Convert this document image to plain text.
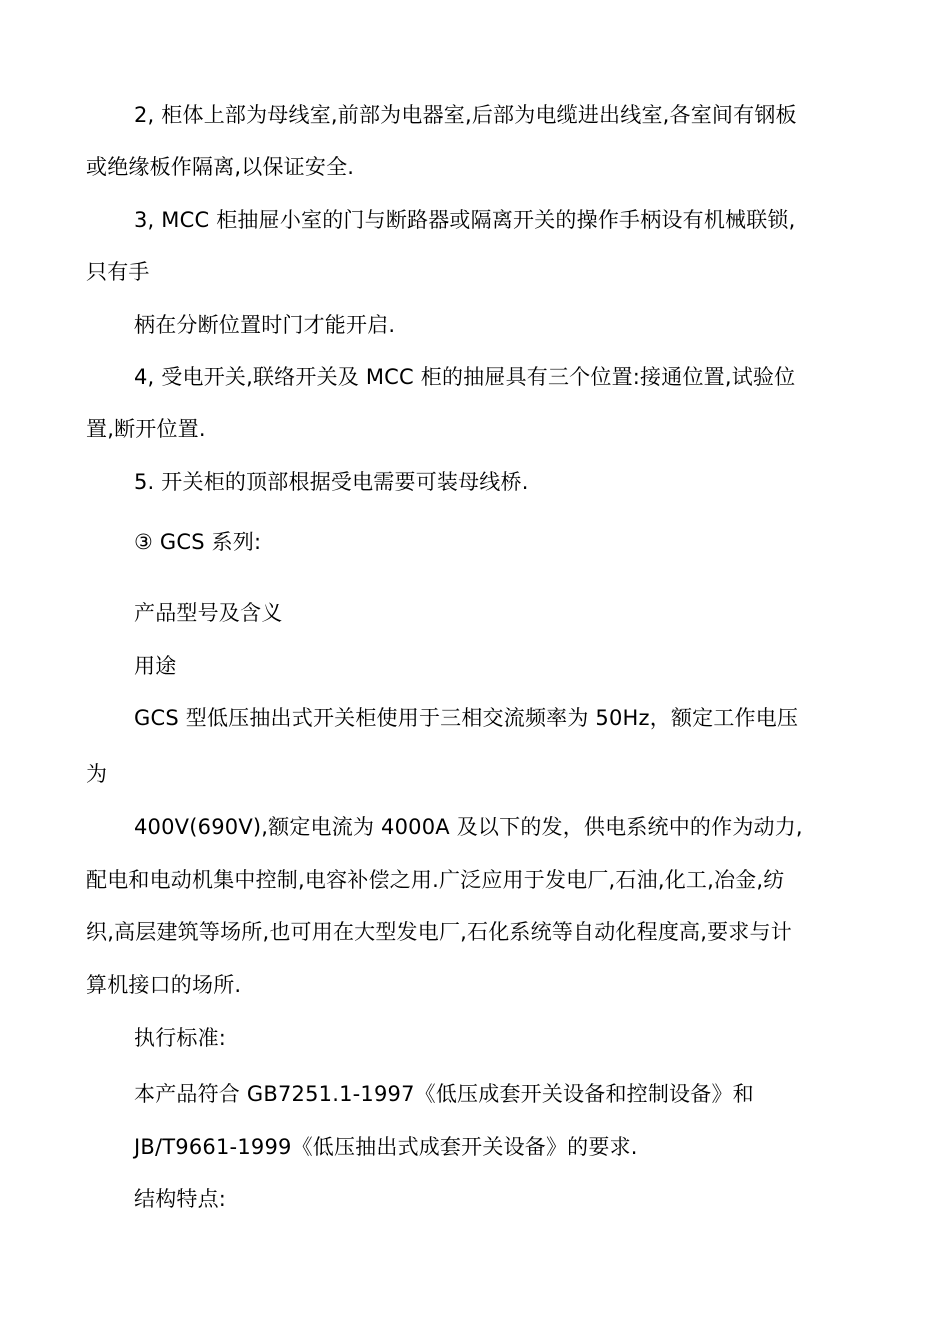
2, 柜体上部为母线室,前部为电器室,后部为电缆进出线室,各室间有钢板
或绝缘板作隔离,以保证安全.
3, MCC 柜抽屉小室的门与断路器或隔离开关的操作手柄设有机械联锁,
只有手
柄在分断位置时门才能开启.
4, 受电开关,联络开关及 MCC 柜的抽屉具有三个位置:接通位置,试验位
置,断开位置.
5. 开关柜的顶部根据受电需要可装母线桥.
③ GCS 系列:
产品型号及含义
用途
GCS 型低压抽出式开关柜使用于三相交流频率为 50Hz，额定工作电压
为
400V(690V),额定电流为 4000A 及以下的发，供电系统中的作为动力,
配电和电动机集中控制,电容补偿之用.广泛应用于发电厂,石油,化工,冶金,纺
织,高层建筑等场所,也可用在大型发电厂,石化系统等自动化程度高,要求与计
算机接口的场所.
执行标准:
本产品符合 GB7251.1-1997《低压成套开关设备和控制设备》和
JB/T9661-1999《低压抽出式成套开关设备》的要求.
结构特点:
